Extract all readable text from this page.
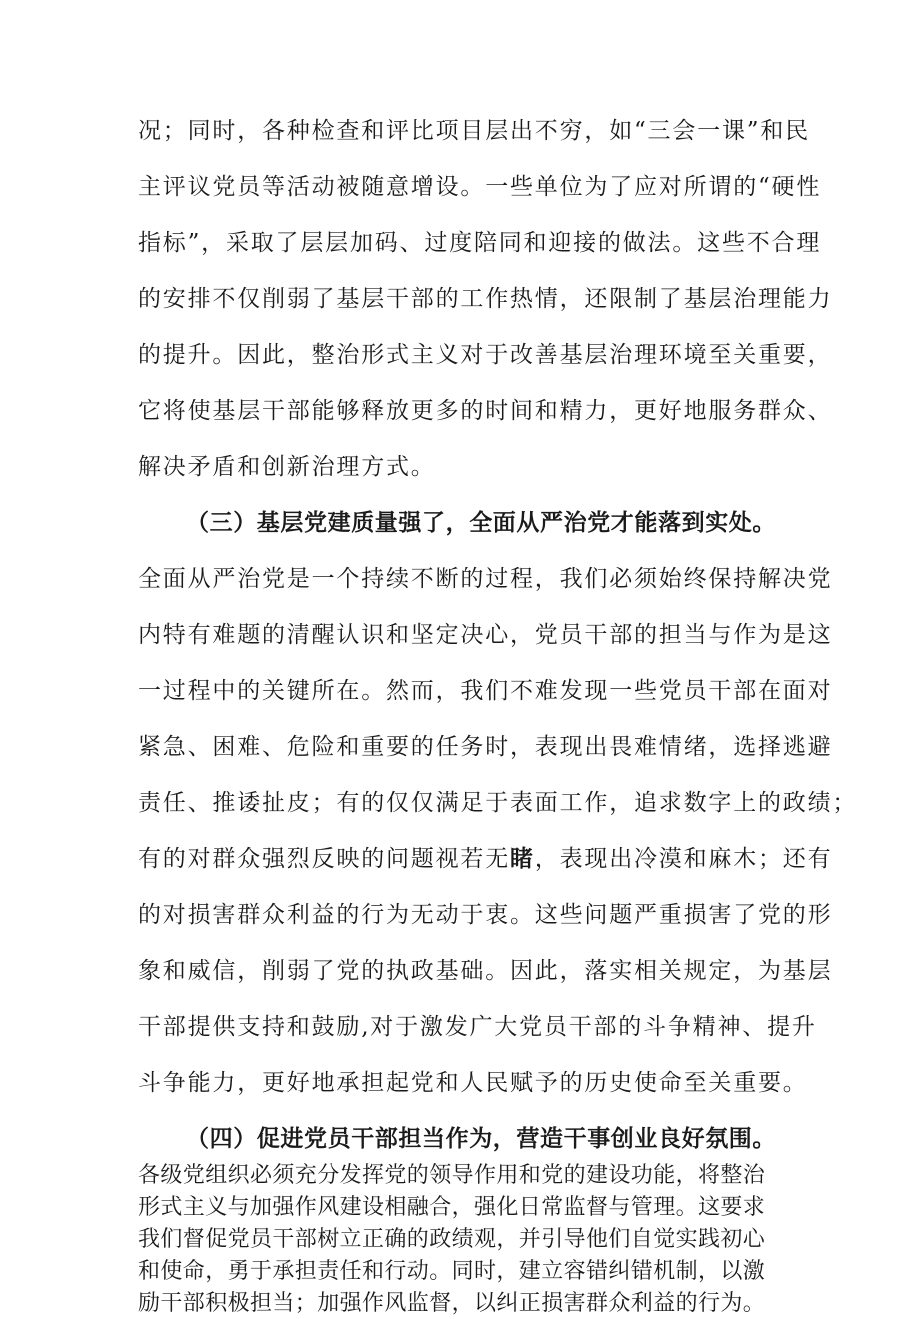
况；同时，各种检查和评比项目层出不穷，如“三会一课”和民
主评议党员等活动被随意增设。一些单位为了应对所谓的“硬性
指标”，采取了层层加码、过度陪同和迎接的做法。这些不合理
的安排不仅削弱了基层干部的工作热情，还限制了基层治理能力
的提升。因此，整治形式主义对于改善基层治理环境至关重要，
它将使基层干部能够释放更多的时间和精力，更好地服务群众、
解决矛盾和创新治理方式。
（三）基层党建质量强了，全面从严治党才能落到实处。
全面从严治党是一个持续不断的过程，我们必须始终保持解决党
内特有难题的清醒认识和坚定决心，党员干部的担当与作为是这
一过程中的关键所在。然而，我们不难发现一些党员干部在面对
紧急、困难、危险和重要的任务时，表现出畏难情绪，选择逃避
责任、推诿扯皮；有的仅仅满足于表面工作，追求数字上的政绩；
有的对群众强烈反映的问题视若无睹，表现出冷漠和麻木；还有
的对损害群众利益的行为无动于衷。这些问题严重损害了党的形
象和威信，削弱了党的执政基础。因此，落实相关规定，为基层
干部提供支持和鼓励,对于激发广大党员干部的斗争精神、提升
斗争能力，更好地承担起党和人民赋予的历史使命至关重要。
（四）促进党员干部担当作为，营造干事创业良好氛围。
各级党组织必须充分发挥党的领导作用和党的建设功能，将整治
形式主义与加强作风建设相融合，强化日常监督与管理。这要求
我们督促党员干部树立正确的政绩观，并引导他们自觉实践初心
和使命，勇于承担责任和行动。同时，建立容错纠错机制，以激
励干部积极担当；加强作风监督，以纠正损害群众利益的行为。
